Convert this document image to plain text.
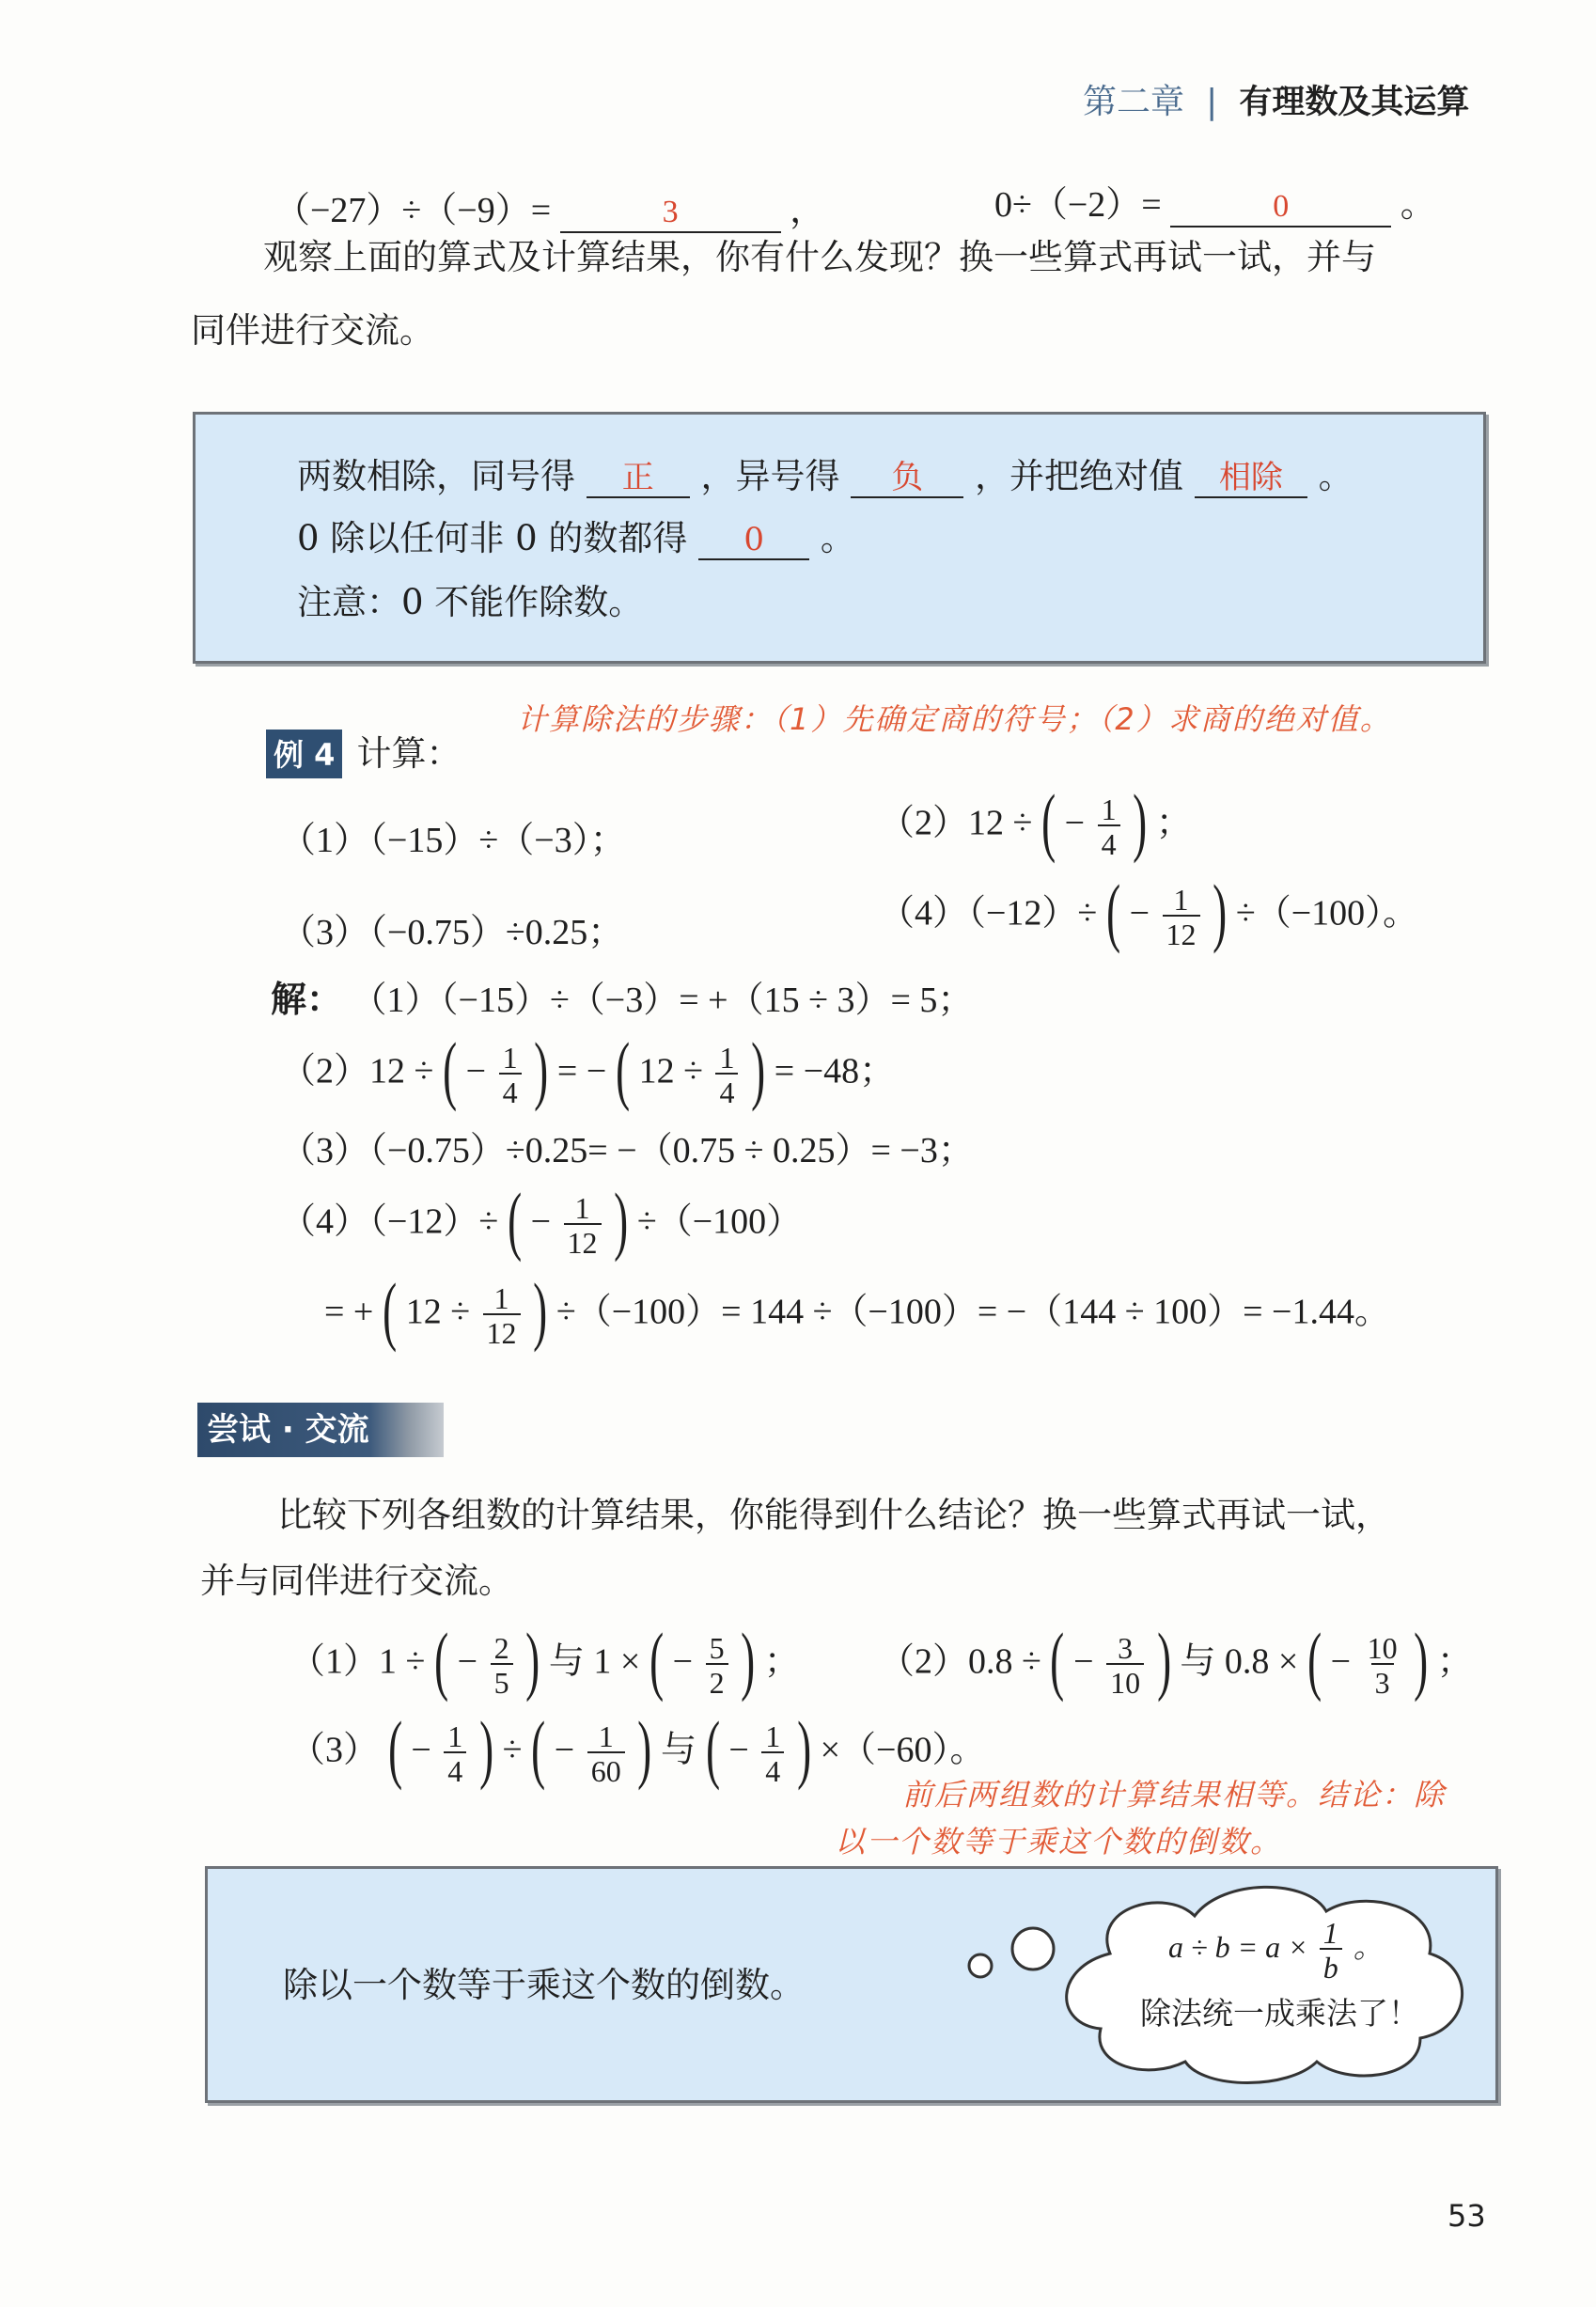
第二章 | 有理数及其运算
（−27）÷（−9）=	3	，	0÷（−2）=	0	。
观察上面的算式及计算结果，你有什么发现？换一些算式再试一试，并与
同伴进行交流。
两数相除，同号得 正 ，异号得 负 ，并把绝对值 相除 。
0 除以任何非 0 的数都得 0 。
注意：0 不能作除数。
计算除法的步骤：（1）先确定商的符号；（2）求商的绝对值。
例 4 计算：
（1）（−15）÷（−3）；	（2）12 ÷ ( − $\frac{1}{4}$ ) ；
（3）（−0.75）÷0.25；	（4）（−12）÷ ( − $\frac{1}{12}$ ) ÷（−100）。
解： （1）（−15）÷（−3）= +（15 ÷ 3）= 5；
（2）12 ÷ ( − $\frac{1}{4}$ ) = − ( $12 \div \frac{1}{4}$ ) = −48；
（3）（−0.75）÷0.25= −（0.75 ÷ 0.25）= −3；
（4）（−12）÷ ( − $\frac{1}{12}$ ) ÷（−100）
= + ( $12 \div \frac{1}{12}$ ) ÷（−100）= 144 ÷（−100）= −（144 ÷ 100）= −1.44。
尝试 · 交流
比较下列各组数的计算结果，你能得到什么结论？换一些算式再试一试，
并与同伴进行交流。
（1）1 ÷ ( − $\frac{2}{5}$ ) 与 1 × ( − $\frac{5}{2}$ ) ； （2）0.8 ÷ ( − $\frac{3}{10}$ ) 与 0.8 × ( − $\frac{10}{3}$ ) ；
（3） ( − $\frac{1}{4}$ ) ÷ ( − $\frac{1}{60}$ ) 与 ( − $\frac{1}{4}$ ) ×（−60）。
前后两组数的计算结果相等。结论：除
以一个数等于乘这个数的倒数。
除以一个数等于乘这个数的倒数。
$a \div b = a \times \frac{1}{b}$ 。
除法统一成乘法了！
53
